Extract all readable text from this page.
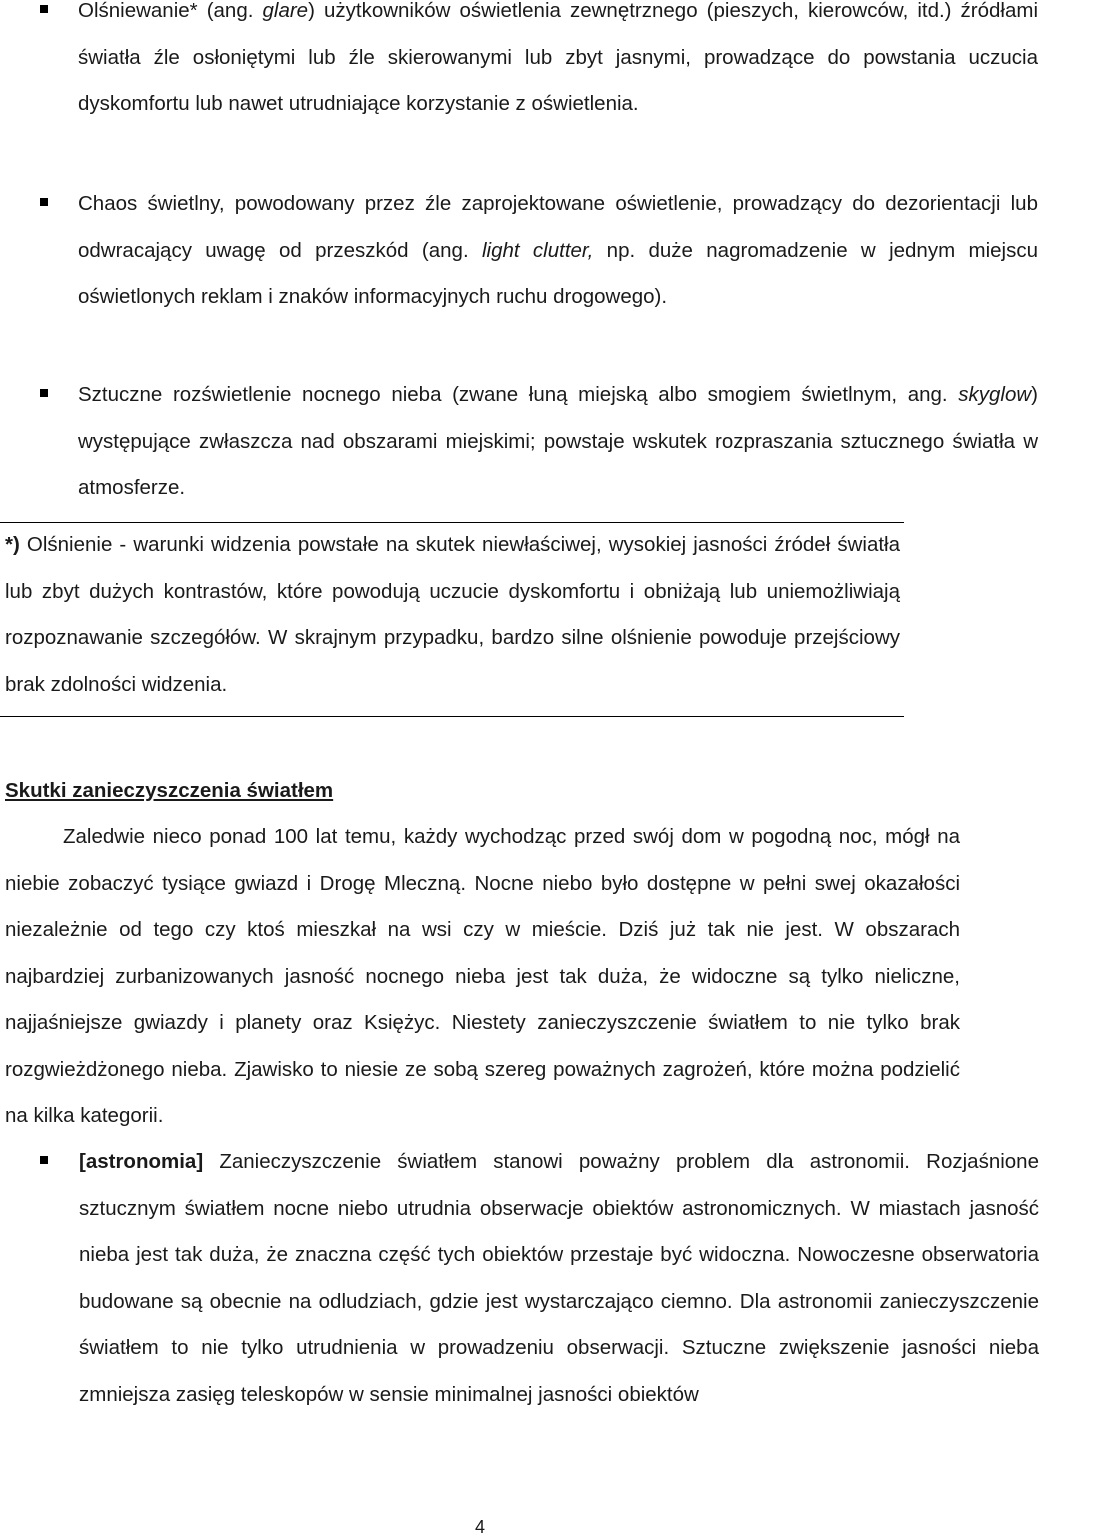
Olśniewanie* (ang. glare) użytkowników oświetlenia zewnętrznego (pieszych, kierowców, itd.) źródłami światła źle osłoniętymi lub źle skierowanymi lub zbyt jasnymi, prowadzące do powstania uczucia dyskomfortu lub nawet utrudniające korzystanie z oświetlenia.
Chaos świetlny, powodowany przez źle zaprojektowane oświetlenie, prowadzący do dezorientacji lub odwracający uwagę od przeszkód (ang. light clutter, np. duże nagromadzenie w jednym miejscu oświetlonych reklam i znaków informacyjnych ruchu drogowego).
Sztuczne rozświetlenie nocnego nieba (zwane łuną miejską albo smogiem świetlnym, ang. skyglow) występujące zwłaszcza nad obszarami miejskimi; powstaje wskutek rozpraszania sztucznego światła w atmosferze.

*) Olśnienie - warunki widzenia powstałe na skutek niewłaściwej, wysokiej jasności źródeł światła lub zbyt dużych kontrastów, które powodują uczucie dyskomfortu i obniżają lub uniemożliwiają rozpoznawanie szczegółów. W skrajnym przypadku, bardzo silne olśnienie powoduje przejściowy brak zdolności widzenia.

Skutki zanieczyszczenia światłem

Zaledwie nieco ponad 100 lat temu, każdy wychodząc przed swój dom w pogodną noc, mógł na niebie zobaczyć tysiące gwiazd i Drogę Mleczną. Nocne niebo było dostępne w pełni swej okazałości niezależnie od tego czy ktoś mieszkał na wsi czy w mieście. Dziś już tak nie jest. W obszarach najbardziej zurbanizowanych jasność nocnego nieba jest tak duża, że widoczne są tylko nieliczne, najjaśniejsze gwiazdy i planety oraz Księżyc. Niestety zanieczyszczenie światłem to nie tylko brak rozgwieżdżonego nieba. Zjawisko to niesie ze sobą szereg poważnych zagrożeń, które można podzielić na kilka kategorii.

[astronomia] Zanieczyszczenie światłem stanowi poważny problem dla astronomii. Rozjaśnione sztucznym światłem nocne niebo utrudnia obserwacje obiektów astronomicznych. W miastach jasność nieba jest tak duża, że znaczna część tych obiektów przestaje być widoczna. Nowoczesne obserwatoria budowane są obecnie na odludziach, gdzie jest wystarczająco ciemno. Dla astronomii zanieczyszczenie światłem to nie tylko utrudnienia w prowadzeniu obserwacji. Sztuczne zwiększenie jasności nieba zmniejsza zasięg teleskopów w sensie minimalnej jasności obiektów
4
